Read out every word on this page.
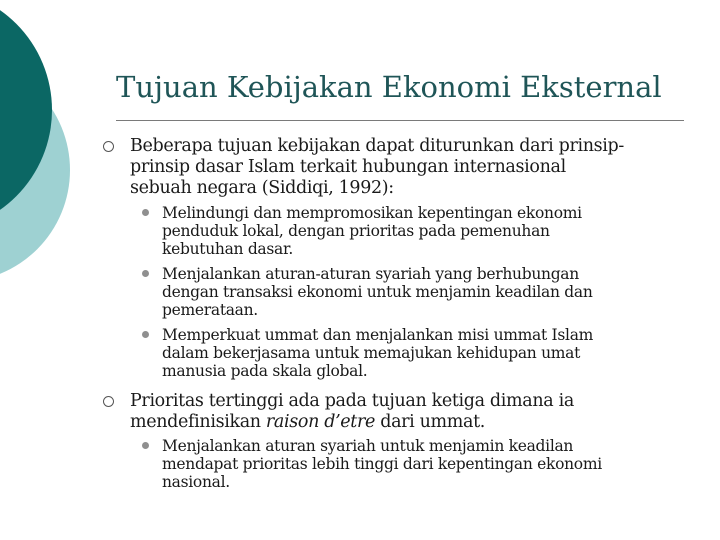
Tujuan Kebijakan Ekonomi Eksternal
Beberapa tujuan kebijakan dapat diturunkan dari prinsip-
prinsip dasar Islam terkait hubungan internasional
sebuah negara (Siddiqi, 1992):
Melindungi dan mempromosikan kepentingan ekonomi
penduduk lokal, dengan prioritas pada pemenuhan
kebutuhan dasar.
Menjalankan aturan-aturan syariah yang berhubungan
dengan transaksi ekonomi untuk menjamin keadilan dan
pemerataan.
Memperkuat ummat dan menjalankan misi ummat Islam
dalam bekerjasama untuk memajukan kehidupan umat
manusia pada skala global.
Prioritas tertinggi ada pada tujuan ketiga dimana ia
mendefinisikan raison d’etre dari ummat.
Menjalankan aturan syariah untuk menjamin keadilan
mendapat prioritas lebih tinggi dari kepentingan ekonomi
nasional.
